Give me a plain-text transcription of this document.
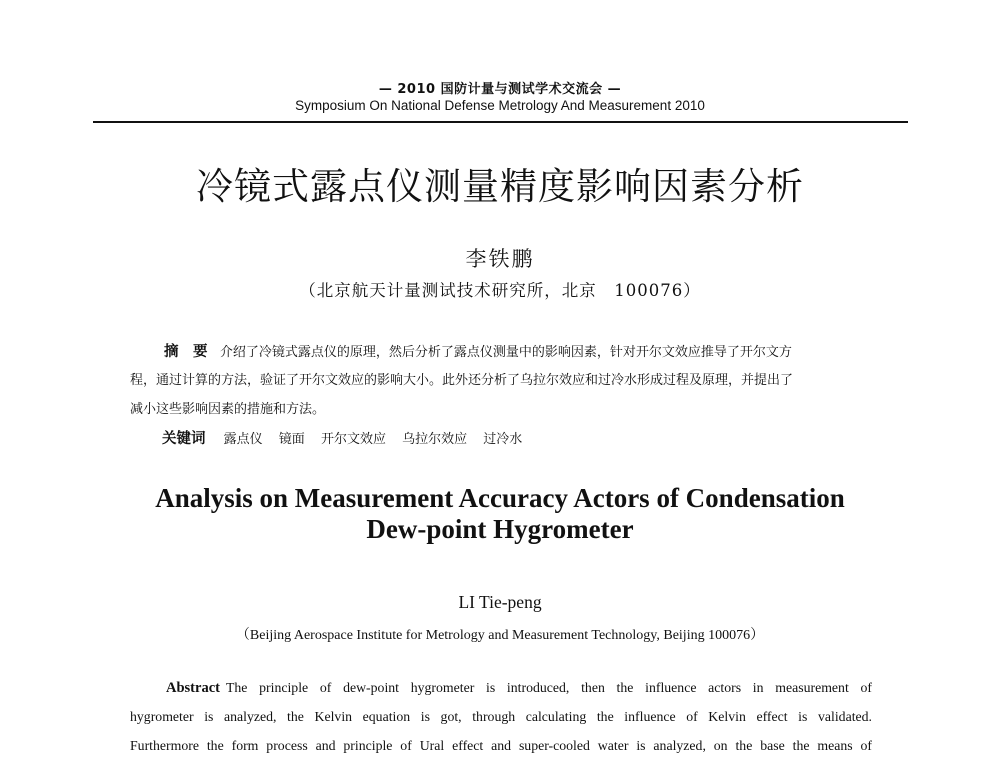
— 2010 国防计量与测试学术交流会 —
Symposium On National Defense Metrology And Measurement 2010
冷镜式露点仪测量精度影响因素分析
李铁鹏
（北京航天计量测试技术研究所，北京　100076）
摘　要 介绍了冷镜式露点仪的原理，然后分析了露点仪测量中的影响因素，针对开尔文效应推导了开尔文方
程，通过计算的方法，验证了开尔文效应的影响大小。此外还分析了乌拉尔效应和过冷水形成过程及原理，并提出了
减小这些影响因素的措施和方法。
关键词 露点仪 镜面 开尔文效应 乌拉尔效应 过冷水
Analysis on Measurement Accuracy Actors of Condensation
Dew-point Hygrometer
LI Tie-peng
（Beijing Aerospace Institute for Metrology and Measurement Technology, Beijing 100076）
Abstract The principle of dew-point hygrometer is introduced, then the influence actors in measurement of
hygrometer is analyzed, the Kelvin equation is got, through calculating the influence of Kelvin effect is validated.
Furthermore the form process and principle of Ural effect and super-cooled water is analyzed, on the base the means of
